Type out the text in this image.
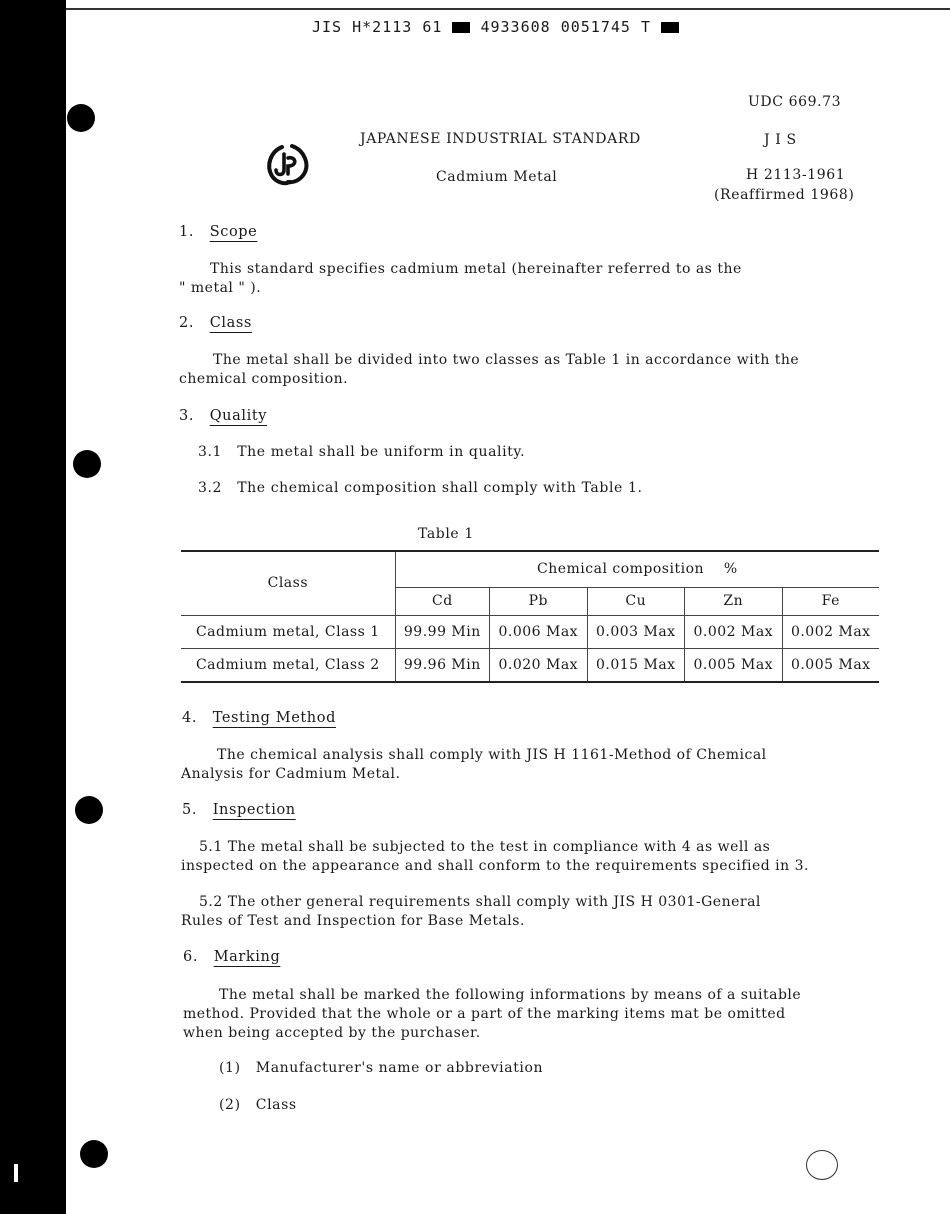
JIS H*2113 61	4933608 0051745 T
UDC 669.73
JAPANESE INDUSTRIAL STANDARD	J I S
Cadmium Metal	H 2113-1961
(Reaffirmed 1968)
1. Scope
This standard specifies cadmium metal (hereinafter referred to as the
" metal " ).
2. Class
The metal shall be divided into two classes as Table 1 in accordance with the
chemical composition.
3. Quality
3.1 The metal shall be uniform in quality.
3.2 The chemical composition shall comply with Table 1.
Table 1
Class	Chemical composition %				
	Cd	Pb	Cu	Zn	Fe
Cadmium metal, Class 1	99.99 Min	0.006 Max	0.003 Max	0.002 Max	0.002 Max
Cadmium metal, Class 2	99.96 Min	0.020 Max	0.015 Max	0.005 Max	0.005 Max
4. Testing Method
The chemical analysis shall comply with JIS H 1161-Method of Chemical
Analysis for Cadmium Metal.
5. Inspection
5.1 The metal shall be subjected to the test in compliance with 4 as well as
inspected on the appearance and shall conform to the requirements specified in 3.
5.2 The other general requirements shall comply with JIS H 0301-General
Rules of Test and Inspection for Base Metals.
6. Marking
The metal shall be marked the following informations by means of a suitable
method. Provided that the whole or a part of the marking items mat be omitted
when being accepted by the purchaser.
(1) Manufacturer's name or abbreviation
(2) Class
